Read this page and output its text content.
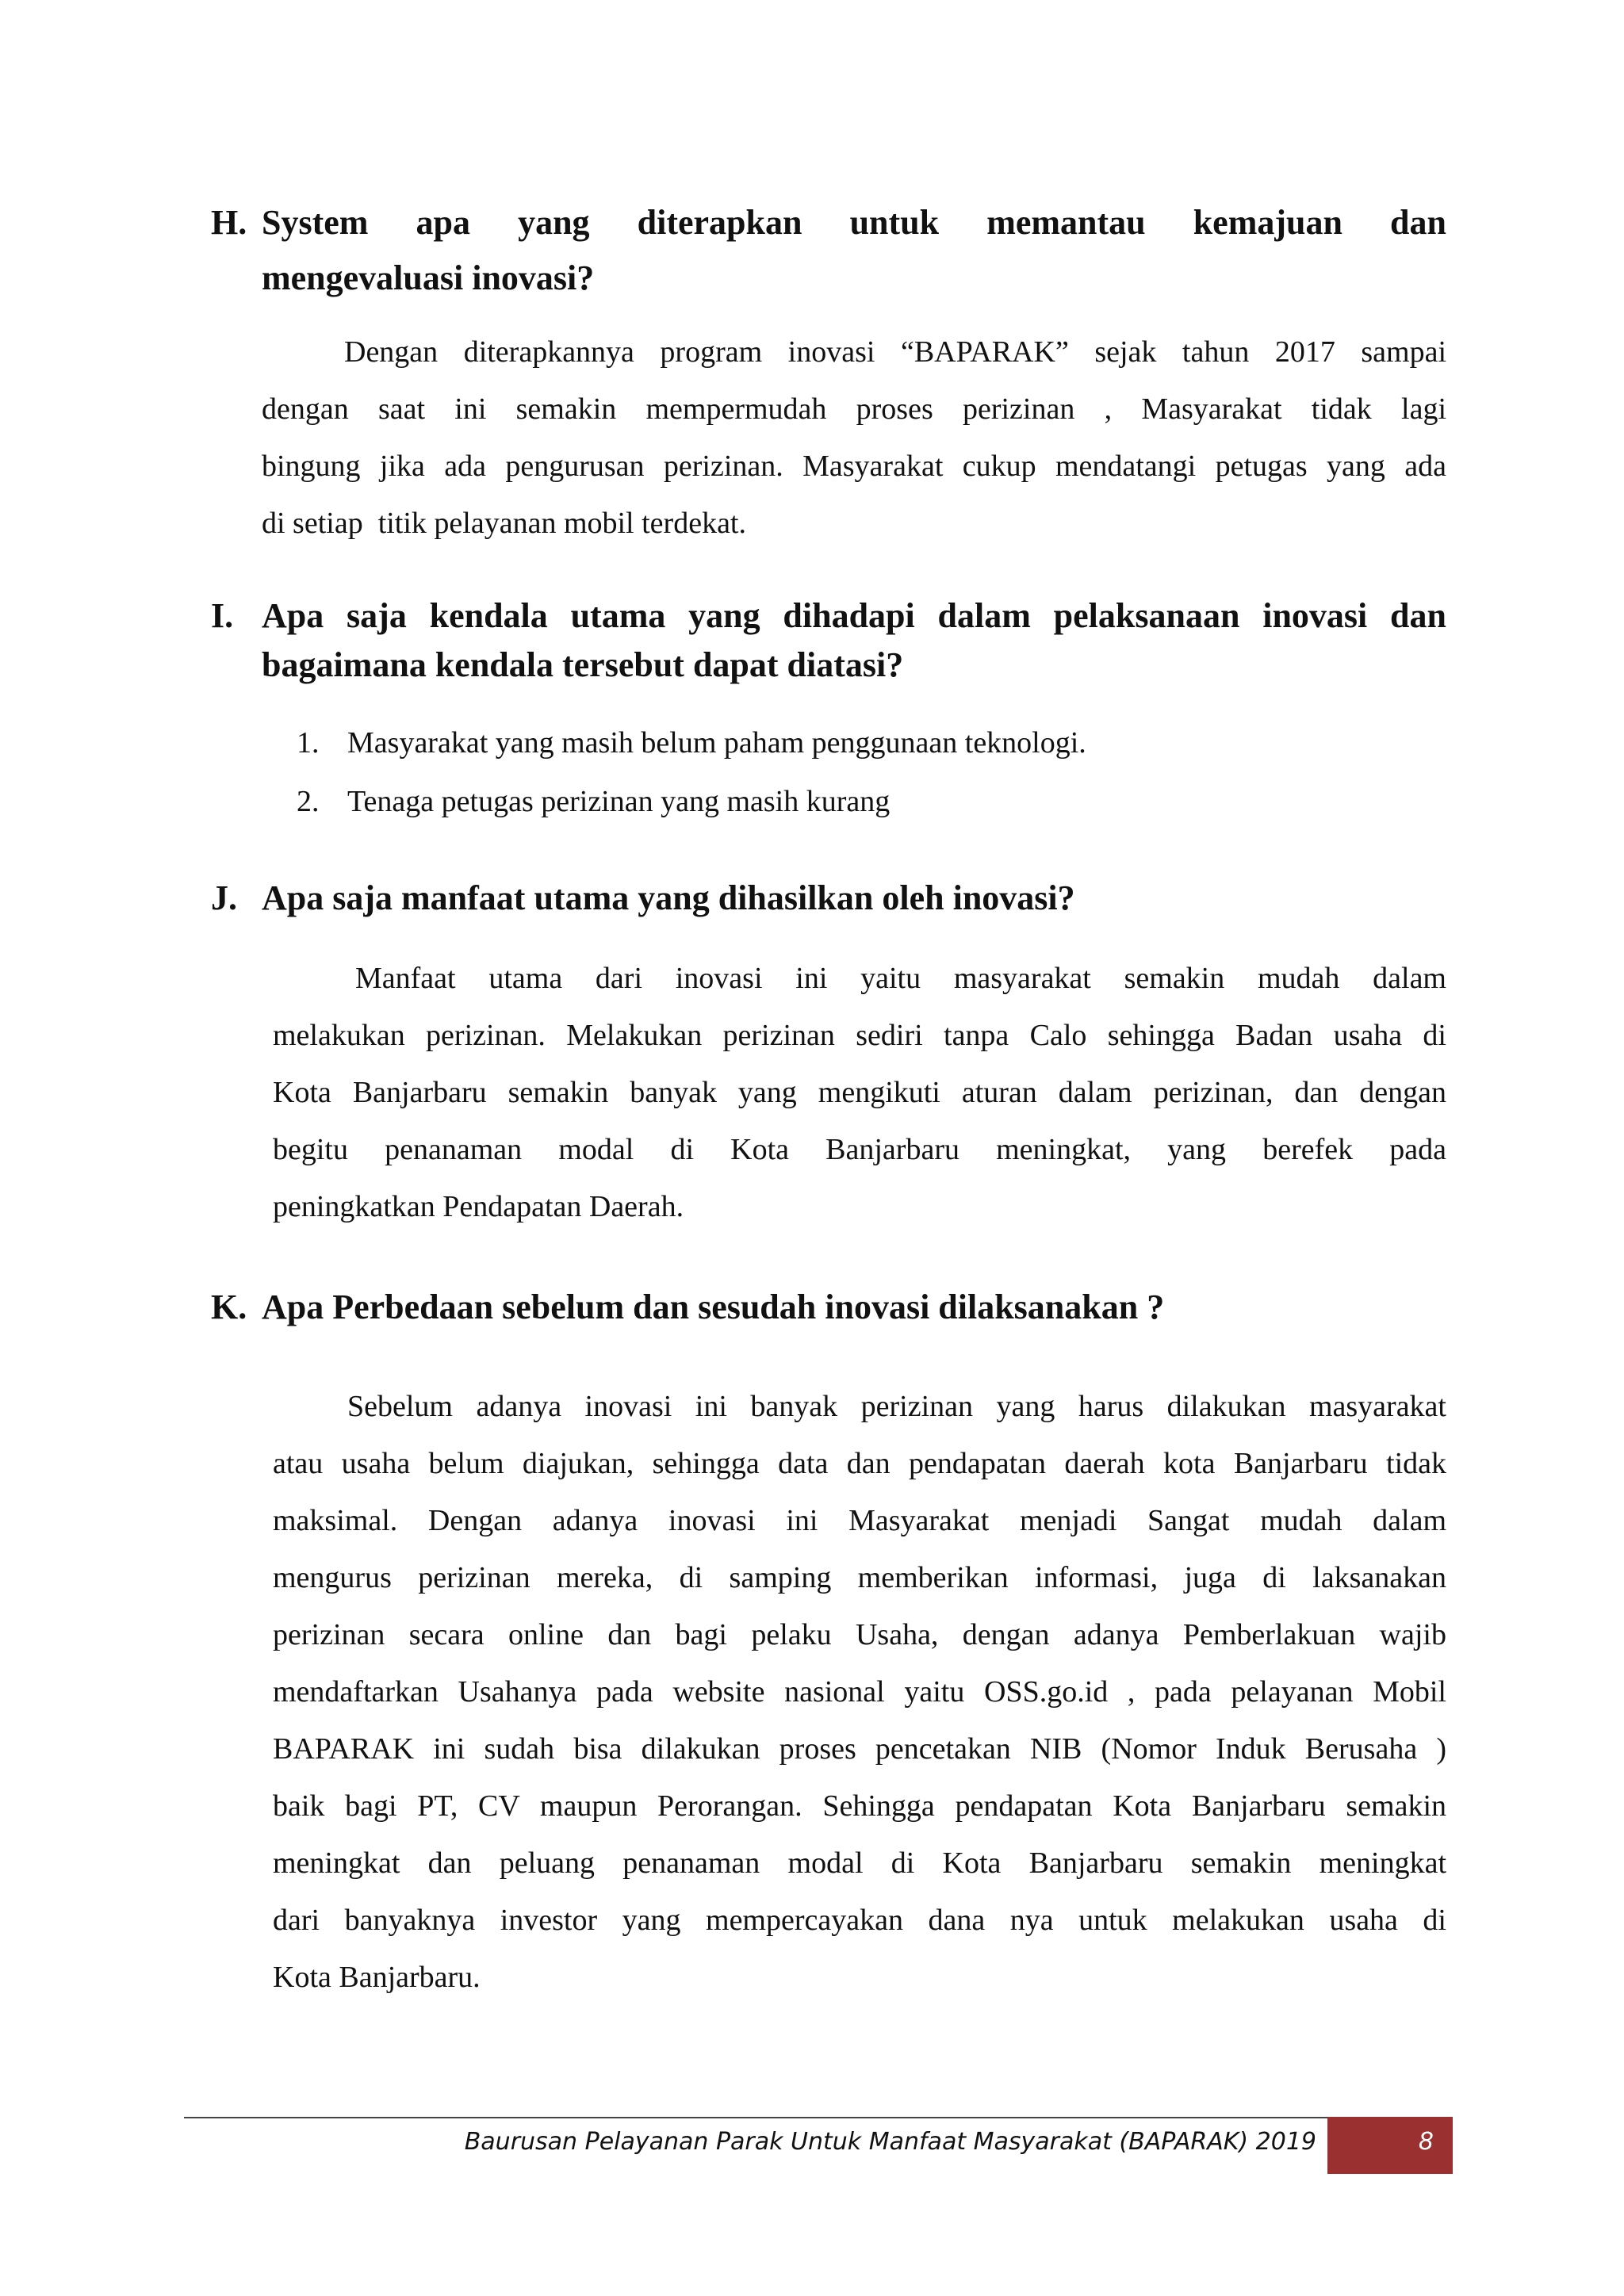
H. System apa yang diterapkan untuk memantau kemajuan dan
mengevaluasi inovasi?
Dengan diterapkannya program inovasi “BAPARAK” sejak tahun 2017 sampai
dengan saat ini semakin mempermudah proses perizinan , Masyarakat tidak lagi
bingung jika ada pengurusan perizinan. Masyarakat cukup mendatangi petugas yang ada
di setiap  titik pelayanan mobil terdekat.
I. Apa saja kendala utama yang dihadapi dalam pelaksanaan inovasi dan
bagaimana kendala tersebut dapat diatasi?
1. Masyarakat yang masih belum paham penggunaan teknologi.
2. Tenaga petugas perizinan yang masih kurang
J. Apa saja manfaat utama yang dihasilkan oleh inovasi?
Manfaat utama dari inovasi ini yaitu masyarakat semakin mudah dalam
melakukan perizinan. Melakukan perizinan sediri tanpa Calo sehingga Badan usaha di
Kota Banjarbaru semakin banyak yang mengikuti aturan dalam perizinan, dan dengan
begitu penanaman modal di Kota Banjarbaru meningkat, yang berefek pada
peningkatkan Pendapatan Daerah.
K. Apa Perbedaan sebelum dan sesudah inovasi dilaksanakan ?
Sebelum adanya inovasi ini banyak perizinan yang harus dilakukan masyarakat
atau usaha belum diajukan, sehingga data dan pendapatan daerah kota Banjarbaru tidak
maksimal. Dengan adanya inovasi ini Masyarakat menjadi Sangat mudah dalam
mengurus perizinan mereka, di samping memberikan informasi, juga di laksanakan
perizinan secara online dan bagi pelaku Usaha, dengan adanya Pemberlakuan wajib
mendaftarkan Usahanya pada website nasional yaitu OSS.go.id , pada pelayanan Mobil
BAPARAK ini sudah bisa dilakukan proses pencetakan NIB (Nomor Induk Berusaha )
baik bagi PT, CV maupun Perorangan. Sehingga pendapatan Kota Banjarbaru semakin
meningkat dan peluang penanaman modal di Kota Banjarbaru semakin meningkat
dari banyaknya investor yang mempercayakan dana nya untuk melakukan usaha di
Kota Banjarbaru.
Baurusan Pelayanan Parak Untuk Manfaat Masyarakat (BAPARAK) 2019	8
